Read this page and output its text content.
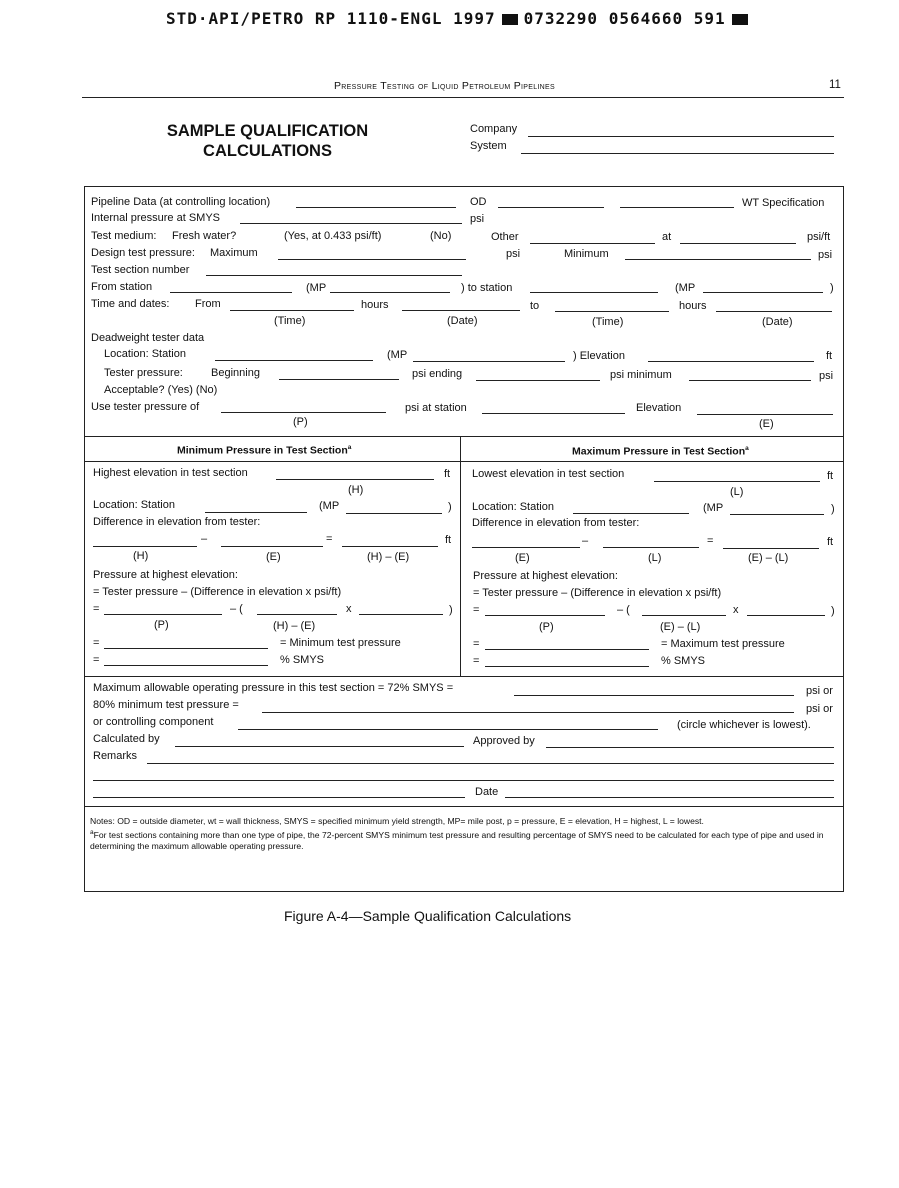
STD·API/PETRO RP 1110-ENGL 1997 0732290 0564660 591
Pressure Testing of Liquid Petroleum Pipelines	11
SAMPLE QUALIFICATION
CALCULATIONS
Company
System
Pipeline Data (at controlling location)	OD	WT Specification
Internal pressure at SMYS	psi
Test medium: Fresh water?	(Yes, at 0.433 psi/ft)	(No)	Other	at	psi/ft
Design test pressure: Maximum	psi	Minimum	psi
Test section number
From station	(MP	) to station	(MP	)
Time and dates: From	hours	to	hours
(Time)	(Date)	(Time)	(Date)
Deadweight tester data
Location: Station	(MP	) Elevation	ft
Tester pressure:	Beginning	psi ending	psi minimum	psi
Acceptable? (Yes) (No)
Use tester pressure of	psi at station	Elevation
(P)	(E)
Minimum Pressure in Test Section$^a$
Highest elevation in test section	ft
(H)
Location: Station	(MP	)
Difference in elevation from tester:
–	=	ft
(H)	(E)	(H) – (E)
Pressure at highest elevation:
= Tester pressure – (Difference in elevation x psi/ft)
=	– (	x	)
(P)	(H) – (E)
=	= Minimum test pressure
=	% SMYS
Maximum Pressure in Test Section$^a$
Lowest elevation in test section	ft
(L)
Location: Station	(MP	)
Difference in elevation from tester:
–	=	ft
(E)	(L)	(E) – (L)
Pressure at highest elevation:
= Tester pressure – (Difference in elevation x psi/ft)
=	– (	x	)
(P)	(E) – (L)
=	= Maximum test pressure
=	% SMYS
Maximum allowable operating pressure in this test section = 72% SMYS =	psi or
80% minimum test pressure =	psi or
or controlling component	(circle whichever is lowest).
Calculated by	Approved by
Remarks
Date
Notes: OD = outside diameter, wt = wall thickness, SMYS = specified minimum yield strength, MP= mile post, p = pressure, E = elevation, H = highest, L = lowest.
$^a$For test sections containing more than one type of pipe, the 72-percent SMYS minimum test pressure and resulting percentage of SMYS need to be calculated for each type of pipe and used in determining the maximum allowable operating pressure.
Figure A-4—Sample Qualification Calculations
